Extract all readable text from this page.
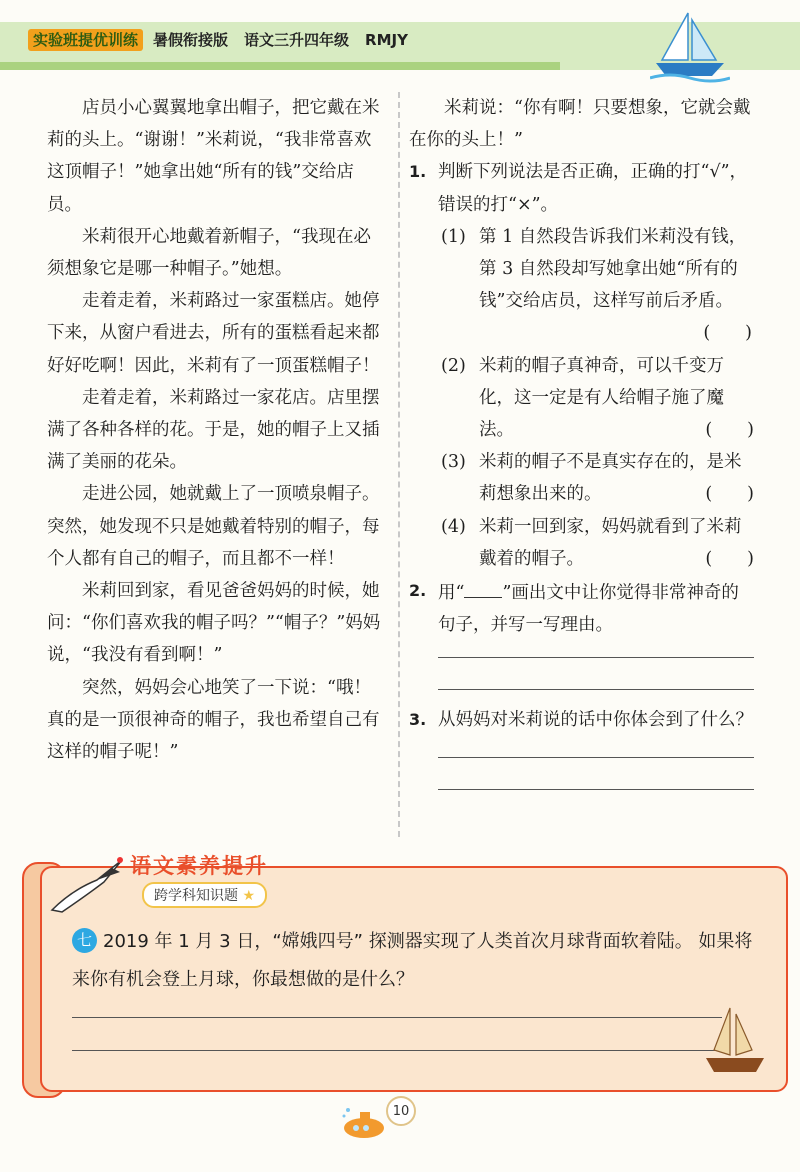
实验班提优训练 暑假衔接版 语文三升四年级 RMJY

店员小心翼翼地拿出帽子，把它戴在米莉的头上。“谢谢！”米莉说，“我非常喜欢这顶帽子！”她拿出她“所有的钱”交给店员。

米莉很开心地戴着新帽子，“我现在必须想象它是哪一种帽子。”她想。

走着走着，米莉路过一家蛋糕店。她停下来，从窗户看进去，所有的蛋糕看起来都好好吃啊！因此，米莉有了一顶蛋糕帽子！

走着走着，米莉路过一家花店。店里摆满了各种各样的花。于是，她的帽子上又插满了美丽的花朵。

走进公园，她就戴上了一顶喷泉帽子。突然，她发现不只是她戴着特别的帽子，每个人都有自己的帽子，而且都不一样！

米莉回到家，看见爸爸妈妈的时候，她问：“你们喜欢我的帽子吗？”“帽子？”妈妈说，“我没有看到啊！”

突然，妈妈会心地笑了一下说：“哦！真的是一顶很神奇的帽子，我也希望自己有这样的帽子呢！”

米莉说：“你有啊！只要想象，它就会戴在你的头上！”

1. 判断下列说法是否正确，正确的打“√”，错误的打“×”。
(1) 第 1 自然段告诉我们米莉没有钱，第 3 自然段却写她拿出她“所有的钱”交给店员，这样写前后矛盾。
(　　)
(2) 米莉的帽子真神奇，可以千变万化，这一定是有人给帽子施了魔法。	(　　)
(3) 米莉的帽子不是真实存在的，是米莉想象出来的。	(　　)
(4) 米莉一回到家，妈妈就看到了米莉戴着的帽子。	(　　)
2. 用“ ”画出文中让你觉得非常神奇的句子，并写一写理由。
3. 从妈妈对米莉说的话中你体会到了什么？
语文素养提升
跨学科知识题 ★
七 2019 年 1 月 3 日，“嫦娥四号” 探测器实现了人类首次月球背面软着陆。 如果将来你有机会登上月球，你最想做的是什么？
10
